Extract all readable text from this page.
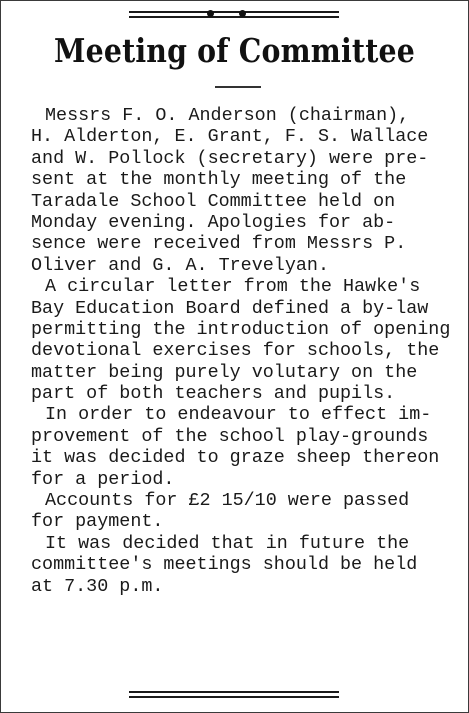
Meeting of Committee
Messrs F. O. Anderson (chairman),
H. Alderton, E. Grant, F. S. Wallace
and W. Pollock (secretary) were pre-
sent at the monthly meeting of the
Taradale School Committee held on
Monday evening. Apologies for ab-
sence were received from Messrs P.
Oliver and G. A. Trevelyan.
A circular letter from the Hawke's
Bay Education Board defined a by-law
permitting the introduction of opening
devotional exercises for schools, the
matter being purely volutary on the
part of both teachers and pupils.
In order to endeavour to effect im-
provement of the school play-grounds
it was decided to graze sheep thereon
for a period.
Accounts for £2 15/10 were passed
for payment.
It was decided that in future the
committee's meetings should be held
at 7.30 p.m.
